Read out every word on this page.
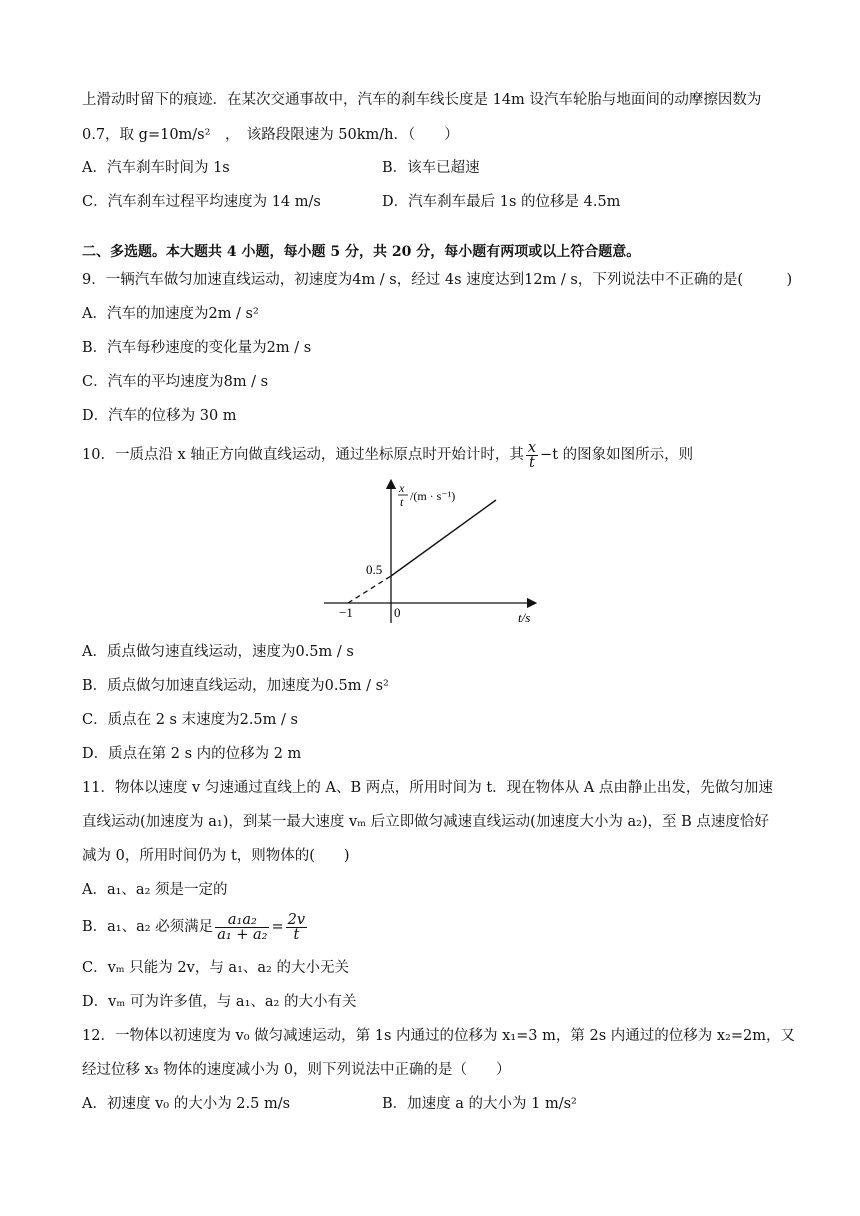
上滑动时留下的痕迹．在某次交通事故中，汽车的刹车线长度是 14m 设汽车轮胎与地面间的动摩擦因数为
0.7，取 g=10m/s²　，　该路段限速为 50km/h．（　　）
A．汽车刹车时间为 1s	B．该车已超速
C．汽车刹车过程平均速度为 14 m/s	D．汽车刹车最后 1s 的位移是 4.5m
二、多选题。本大题共 4 小题，每小题 5 分，共 20 分，每小题有两项或以上符合题意。
9．一辆汽车做匀加速直线运动，初速度为4m / s，经过 4s 速度达到12m / s，下列说法中不正确的是(　　　)
A．汽车的加速度为2m / s²
B．汽车每秒速度的变化量为2m / s
C．汽车的平均速度为8m / s
D．汽车的位移为 30 m
10．一质点沿 x 轴正方向做直线运动，通过坐标原点时开始计时，其 $\frac{x}{t} -t$ 的图象如图所示，则
x
t /(m · s⁻¹)
0.5
−1	0	t/s
A．质点做匀速直线运动，速度为0.5m / s
B．质点做匀加速直线运动，加速度为0.5m / s²
C．质点在 2 s 末速度为2.5m / s
D．质点在第 2 s 内的位移为 2 m
11．物体以速度 v 匀速通过直线上的 A、B 两点，所用时间为 t．现在物体从 A 点由静止出发，先做匀加速
直线运动(加速度为 a₁)，到某一最大速度 vₘ 后立即做匀减速直线运动(加速度大小为 a₂)，至 B 点速度恰好
减为 0，所用时间仍为 t，则物体的(　　)
A．a₁、a₂ 须是一定的
B．a₁、a₂ 必须满足 $\frac{\text{a₁a₂}}{\text{a₁ + a₂}} = \frac{2v}{t}$
C．vₘ 只能为 2v，与 a₁、a₂ 的大小无关
D．vₘ 可为许多值，与 a₁、a₂ 的大小有关
12．一物体以初速度为 v₀ 做匀减速运动，第 1s 内通过的位移为 x₁=3 m，第 2s 内通过的位移为 x₂=2m，又
经过位移 x₃ 物体的速度减小为 0，则下列说法中正确的是（　　）
A．初速度 v₀ 的大小为 2.5 m/s	B．加速度 a 的大小为 1 m/s²
